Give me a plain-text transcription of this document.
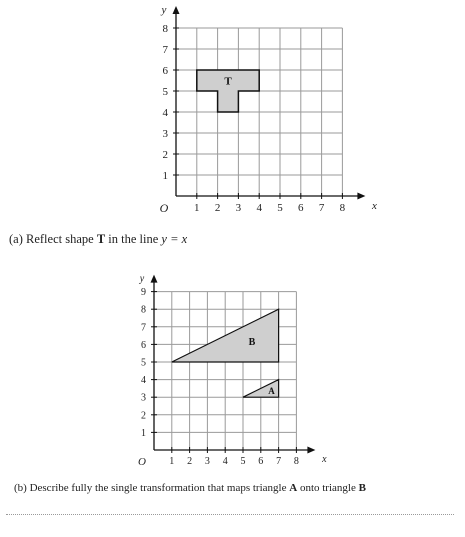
T
1 2 3 4 5 6 7 8
1
2
3
4
5
6
7
8
O	x
y
(a) Reflect shape T in the line y = x
B
A
1 2 3 4 5 6 7 8
1
2
3
4
5
6
7
8
9
O	x
y
(b) Describe fully the single transformation that maps triangle A onto triangle B
